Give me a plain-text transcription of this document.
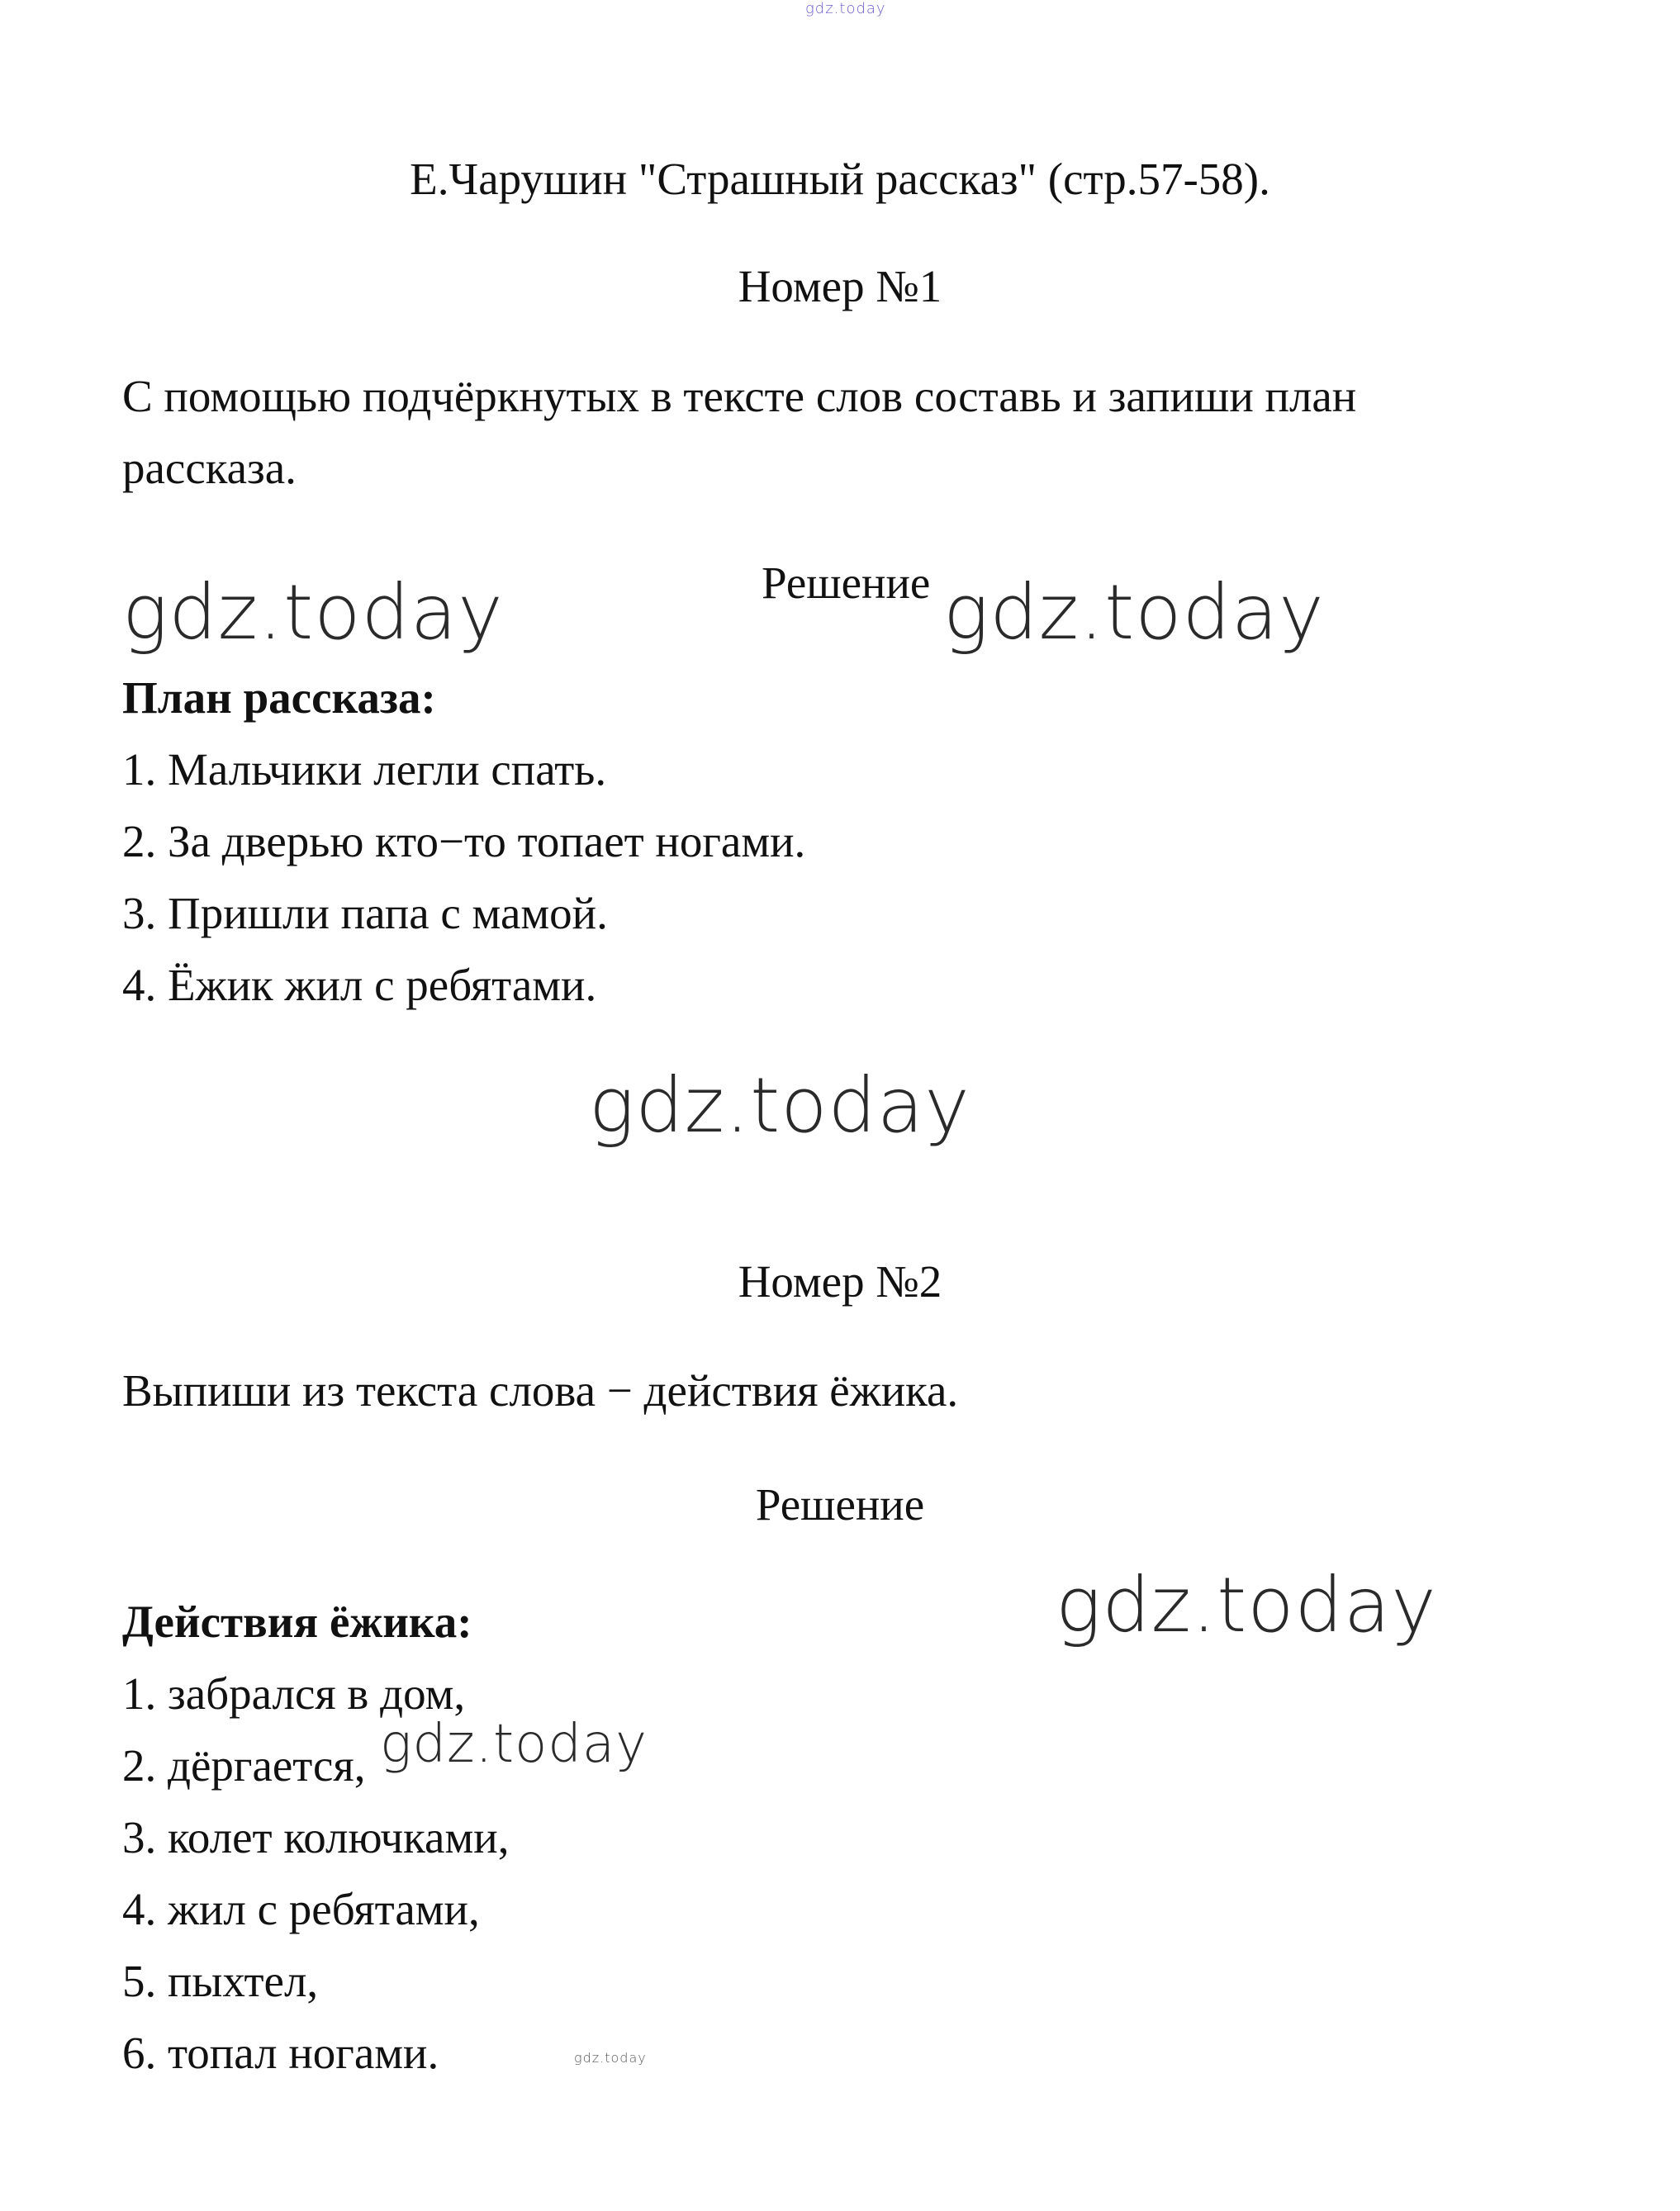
gdz.today
Е.Чарушин "Страшный рассказ" (стр.57-58).
Номер №1
С помощью подчёркнутых в тексте слов составь и запиши план
рассказа.
gdz.today	Решение gdz.today
План рассказа:
1. Мальчики легли спать.
2. За дверью кто−то топает ногами.
3. Пришли папа с мамой.
4. Ёжик жил с ребятами.
gdz.today
Номер №2
Выпиши из текста слова − действия ёжика.
Решение
gdz.today
Действия ёжика:
1. забрался в дом,
gdz.today
2. дёргается,
3. колет колючками,
4. жил с ребятами,
5. пыхтел,
6. топал ногами.	gdz.today
